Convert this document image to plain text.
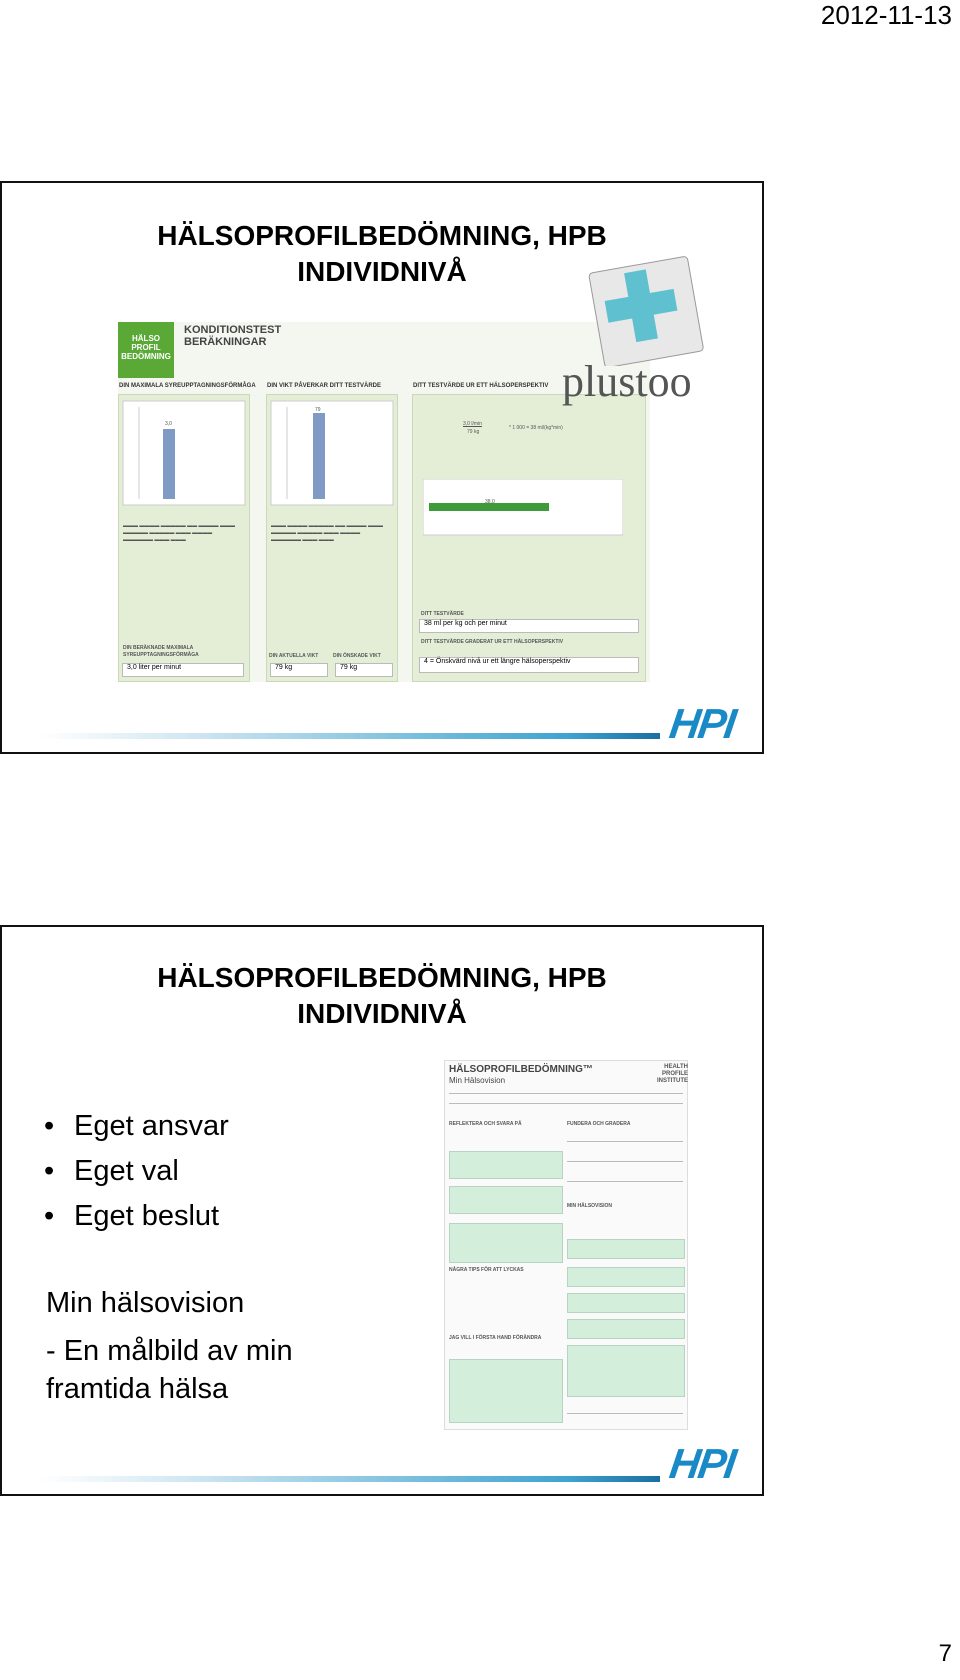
2012-11-13
HÄLSOPROFILBEDÖMNING, HPB
INDIVIDNIVÅ
HÄLSO PROFIL BEDÖMNING
KONDITIONSTEST
BERÄKNINGAR
DIN MAXIMALA SYREUPPTAGNINGSFÖRMÅGA
3,0
▬▬▬ ▬▬▬▬ ▬▬▬▬▬ ▬▬ ▬▬▬▬ ▬▬▬ ▬▬▬▬▬ ▬▬▬▬▬ ▬▬▬ ▬▬▬▬ ▬▬▬▬▬▬ ▬▬▬ ▬▬▬
DIN BERÄKNADE MAXIMALA SYREUPPTAGNINGSFÖRMÅGA
3,0 liter per minut
DIN VIKT PÅVERKAR DITT TESTVÄRDE
79
▬▬▬ ▬▬▬▬ ▬▬▬▬▬ ▬▬ ▬▬▬▬ ▬▬▬ ▬▬▬▬▬ ▬▬▬▬▬ ▬▬▬ ▬▬▬▬ ▬▬▬▬▬▬ ▬▬▬ ▬▬▬
DIN AKTUELLA VIKT
79 kg
DIN ÖNSKADE VIKT
79 kg
DITT TESTVÄRDE UR ETT HÄLSOPERSPEKTIV
3,0 l/min
79 kg
* 1 000 = 38 ml/(kg*min)
38,0
DITT TESTVÄRDE
38 ml per kg och per minut
DITT TESTVÄRDE GRADERAT UR ETT HÄLSOPERSPEKTIV
4 = Önskvärd nivå ur ett längre hälsoperspektiv
plustoo
HPI
HÄLSOPROFILBEDÖMNING, HPB
INDIVIDNIVÅ
• Eget ansvar
• Eget val
• Eget beslut
Min hälsovision
- En målbild av min framtida hälsa
HÄLSOPROFILBEDÖMNING™
Min Hälsovision
REFLEKTERA OCH SVARA PÅ
NÅGRA TIPS FÖR ATT LYCKAS
JAG VILL I FÖRSTA HAND FÖRÄNDRA
FUNDERA OCH GRADERA
MIN HÄLSOVISION
HEALTH PROFILE INSTITUTE
HPI
7
